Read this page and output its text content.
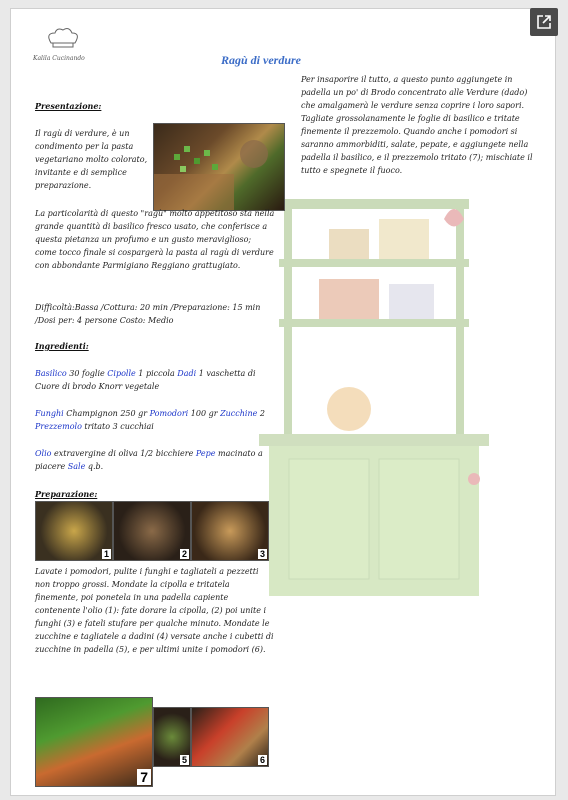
Kalila Cucinando	Ragù di verdure
Per insaporire il tutto, a questo punto aggiungete in padella un po' di Brodo concentrato alle Verdure (dado) che amalgamerà le verdure senza coprire i loro sapori. Tagliate grossolanamente le foglie di basilico e tritate finemente il prezzemolo. Quando anche i pomodori si saranno ammorbiditi, salate, pepate, e aggiungete nella padella il basilico, e il prezzemolo tritato (7); mischiate il tutto e spegnete il fuoco.
Presentazione:
Il ragù di verdure, è un condimento per la pasta vegetariano molto colorato, invitante e di semplice preparazione.
La particolarità di questo "ragù" molto appetitoso sta nella grande quantità di basilico fresco usato, che conferisce a questa pietanza un profumo e un gusto meraviglioso; come tocco finale si cospargerà la pasta al ragù di verdure con abbondante Parmigiano Reggiano grattugiato.
Difficoltà:Bassa /Cottura: 20 min /Preparazione: 15 min /Dosi per: 4 persone Costo: Medio
Ingredienti:
Basilico 30 foglie Cipolle 1 piccola Dadi 1 vaschetta di Cuore di brodo Knorr vegetale
Funghi Champignon 250 gr Pomodori 100 gr Zucchine 2 Prezzemolo tritato 3 cucchiai
Olio extravergine di oliva 1/2 bicchiere Pepe macinato a piacere Sale q.b.
Preparazione:
1	2	3
Lavate i pomodori, pulite i funghi e tagliateli a pezzetti non troppo grossi. Mondate la cipolla e tritatela finemente, poi ponetela in una padella capiente contenente l'olio (1): fate dorare la cipolla, (2) poi unite i funghi (3) e fateli stufare per qualche minuto. Mondate le zucchine e tagliatele a dadini (4) versate anche i cubetti di zucchine in padella (5), e per ultimi unite i pomodori (6).
7
5	6
